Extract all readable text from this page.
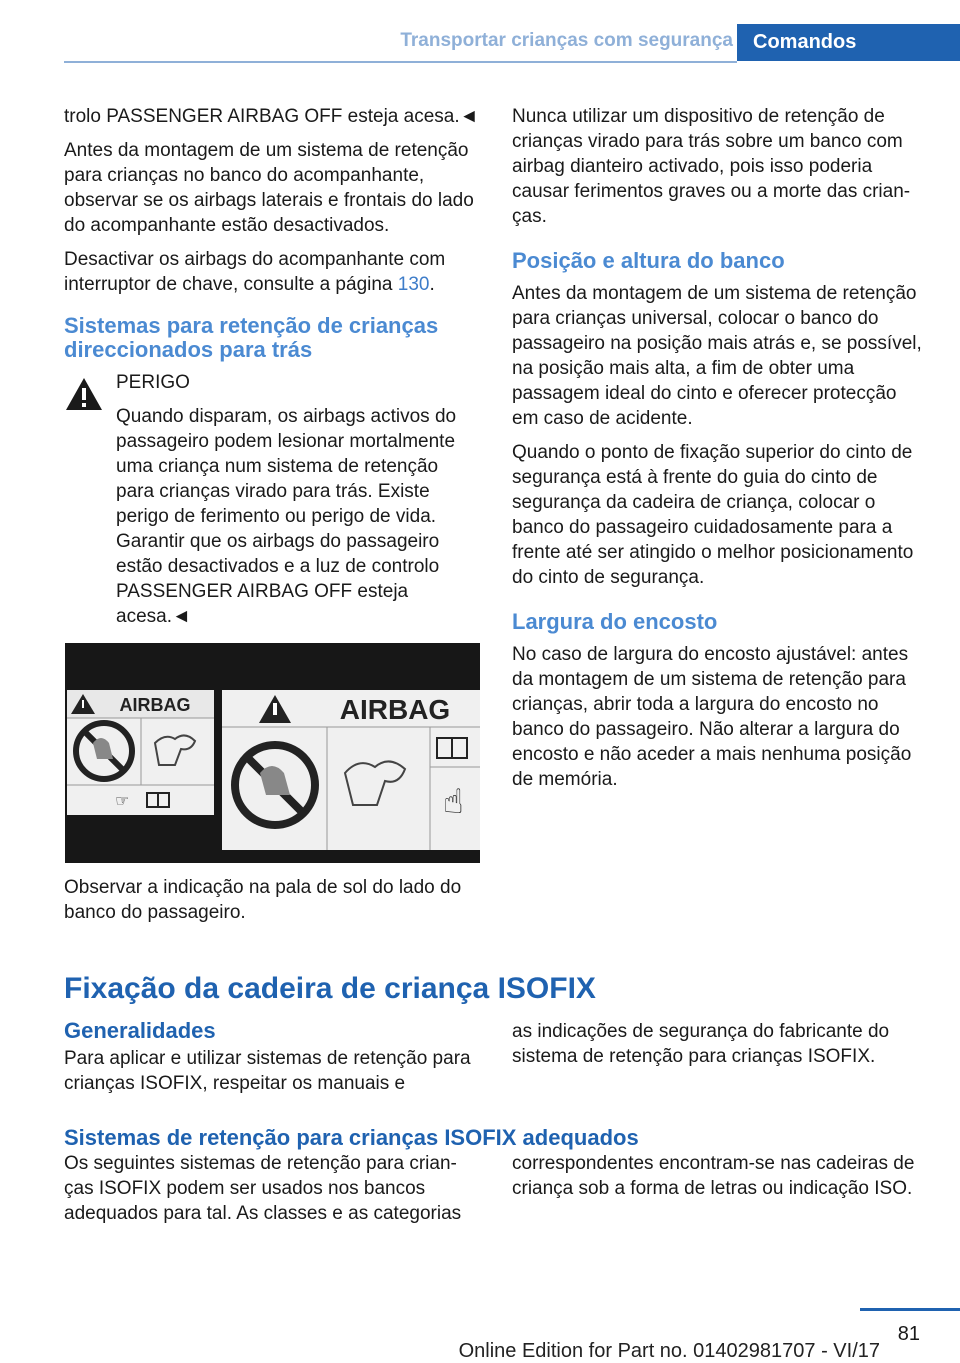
Transportar crianças com segurança	Comandos

trolo PASSENGER AIRBAG OFF esteja acesa.◄

Antes da montagem de um sistema de retenção para crianças no banco do acompanhante, observar se os airbags laterais e frontais do lado do acompanhante estão desactivados.

Desactivar os airbags do acompanhante com interruptor de chave, consulte a página 130.

Sistemas para retenção de crianças direccionados para trás

PERIGO

Quando disparam, os airbags activos do passageiro podem lesionar mortalmente uma criança num sistema de retenção para crianças virado para trás. Existe perigo de ferimento ou perigo de vida. Garantir que os airbags do passageiro estão desactivados e a luz de controlo PASSENGER AIRBAG OFF esteja acesa.◄

AIRBAG
☞
AIRBAG
☝
Observar a indicação na pala de sol do lado do banco do passageiro.

Nunca utilizar um dispositivo de retenção de crianças virado para trás sobre um banco com airbag dianteiro activado, pois isso poderia causar ferimentos graves ou a morte das crianças.

Posição e altura do banco

Antes da montagem de um sistema de retenção para crianças universal, colocar o banco do passageiro na posição mais atrás e, se possível, na posição mais alta, a fim de obter uma passagem ideal do cinto e oferecer protecção em caso de acidente.

Quando o ponto de fixação superior do cinto de segurança está à frente do guia do cinto de segurança da cadeira de criança, colocar o banco do passageiro cuidadosamente para a frente até ser atingido o melhor posicionamento do cinto de segurança.

Largura do encosto

No caso de largura do encosto ajustável: antes da montagem de um sistema de retenção para crianças, abrir toda a largura do encosto no banco do passageiro. Não alterar a largura do encosto e não aceder a mais nenhuma posição de memória.

Fixação da cadeira de criança ISOFIX
Generalidades
Para aplicar e utilizar sistemas de retenção para crianças ISOFIX, respeitar os manuais e
as indicações de segurança do fabricante do sistema de retenção para crianças ISOFIX.
Sistemas de retenção para crianças ISOFIX adequados
Os seguintes sistemas de retenção para crianças ISOFIX podem ser usados nos bancos adequados para tal. As classes e as categorias
correspondentes encontram-se nas cadeiras de criança sob a forma de letras ou indicação ISO.
81
Online Edition for Part no. 01402981707 - VI/17
